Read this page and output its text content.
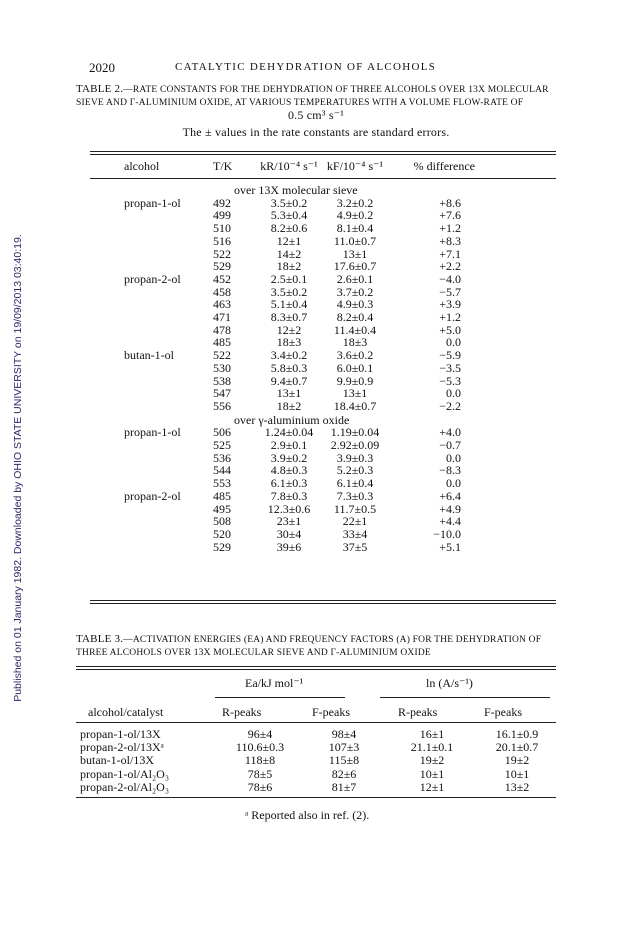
2020	CATALYTIC DEHYDRATION OF ALCOHOLS
TABLE 2.—RATE CONSTANTS FOR THE DEHYDRATION OF THREE ALCOHOLS OVER 13X MOLECULAR SIEVE AND Γ-ALUMINIUM OXIDE, AT VARIOUS TEMPERATURES WITH A VOLUME FLOW-RATE OF
0.5 cm³ s⁻¹
The ± values in the rate constants are standard errors.
alcohol	T/K kR/10⁻⁴ s⁻¹ kF/10⁻⁴ s⁻¹	% difference
over 13X molecular sieve
propan-1-ol	492	3.5±0.2	3.2±0.2	+8.6
499	5.3±0.4	4.9±0.2	+7.6
510	8.2±0.6	8.1±0.4	+1.2
516	12±1	11.0±0.7	+8.3
522	14±2	13±1	+7.1
529	18±2	17.6±0.7	+2.2
propan-2-ol	452	2.5±0.1	2.6±0.1	−4.0
458	3.5±0.2	3.7±0.2	−5.7
463	5.1±0.4	4.9±0.3	+3.9
471	8.3±0.7	8.2±0.4	+1.2
478	12±2	11.4±0.4	+5.0
485	18±3	18±3	0.0
butan-1-ol	522	3.4±0.2	3.6±0.2	−5.9
530	5.8±0.3	6.0±0.1	−3.5
538	9.4±0.7	9.9±0.9	−5.3
547	13±1	13±1	0.0
556	18±2	18.4±0.7	−2.2
over γ-aluminium oxide
propan-1-ol	506	1.24±0.04	1.19±0.04	+4.0
525	2.9±0.1	2.92±0.09	−0.7
536	3.9±0.2	3.9±0.3	0.0
544	4.8±0.3	5.2±0.3	−8.3
553	6.1±0.3	6.1±0.4	0.0
propan-2-ol	485	7.8±0.3	7.3±0.3	+6.4
495	12.3±0.6	11.7±0.5	+4.9
508	23±1	22±1	+4.4
520	30±4	33±4	−10.0
529	39±6	37±5	+5.1
TABLE 3.—ACTIVATION ENERGIES (EA) AND FREQUENCY FACTORS (A) FOR THE DEHYDRATION OF THREE ALCOHOLS OVER 13X MOLECULAR SIEVE AND Γ-ALUMINIUM OXIDE
Ea/kJ mol⁻¹	ln (A/s⁻¹)
alcohol/catalyst	R-peaks	F-peaks	R-peaks	F-peaks
propan-1-ol/13X	96±4	98±4	16±1	16.1±0.9
propan-2-ol/13Xᵃ	110.6±0.3	107±3	21.1±0.1	20.1±0.7
butan-1-ol/13X	118±8	115±8	19±2	19±2
propan-1-ol/Al₂O₃	78±5	82±6	10±1	10±1
propan-2-ol/Al₂O₃	78±6	81±7	12±1	13±2
ᵃ Reported also in ref. (2).
Published on 01 January 1982. Downloaded by OHIO STATE UNIVERSITY on 19/09/2013 03:40:19.
